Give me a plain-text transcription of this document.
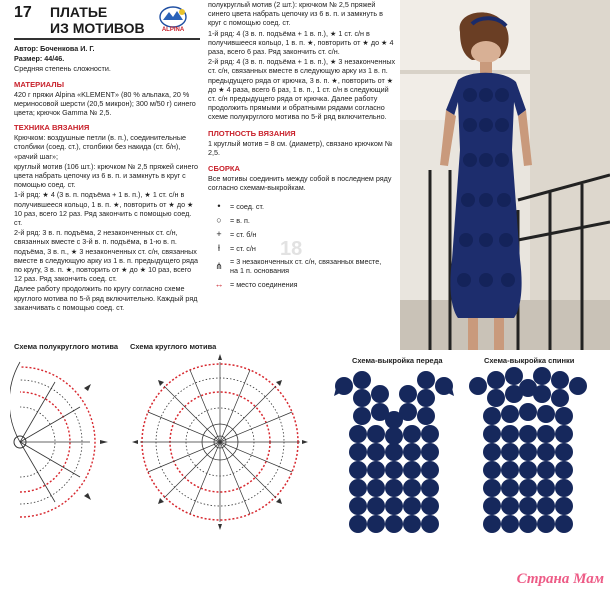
17 ПЛАТЬЕ
ИЗ МОТИВОВ	ALPINA

Автор: Боченкова И. Г.

Размер: 44/46.

Средняя степень сложности.

МАТЕРИАЛЫ

420 г пряжи Alpina «KLEMENT» (80 % альпака, 20 % мериносовой шерсти (20,5 микрон); 300 м/50 г) синего цвета; крючок Gamma № 2,5.

ТЕХНИКА ВЯЗАНИЯ

Крючком: воздушные петли (в. п.), соединительные столбики (соед. ст.), столбики без накида (ст. б/н), «рачий шаг»;

круглый мотив (106 шт.): крючком № 2,5 пряжей синего цвета набрать цепочку из 6 в. п. и замкнуть в круг с помощью соед. ст.

1-й ряд: ★ 4 (3 в. п. подъёма + 1 в. п.), ★ 1 ст. с/н в получившееся кольцо, 1 в. п. ★, повторить от ★ до ★ 10 раз, всего 12 раз. Ряд закончить с помощью соед. ст.

2-й ряд: 3 в. п. подъёма, 2 незаконченных ст. с/н, связанных вместе с 3-й в. п. подъёма, в 1-ю в. п. подъёма, 3 в. п., ★ 3 незаконченных ст. с/н, связанных вместе в следующую арку из 1 в. п. предыдущего ряда по кругу, 3 в. п. ★, повторить от ★ до ★ 10 раз, всего 12 раз. Ряд закончить соед. ст.

Далее работу продолжить по кругу согласно схеме круглого мотива по 5-й ряд включительно. Каждый ряд заканчивать с помощью соед. ст.

полукруглый мотив (2 шт.): крючком № 2,5 пряжей синего цвета набрать цепочку из 6 в. п. и замкнуть в круг с помощью соед. ст.

1-й ряд: 4 (3 в. п. подъёма + 1 в. п.), ★ 1 ст. с/н в получившееся кольцо, 1 в. п. ★, повторить от ★ до ★ 4 раза, всего 6 раз. Ряд закончить ст. с/н.

2-й ряд: 4 (3 в. п. подъёма + 1 в. п.), ★ 3 незаконченных ст. с/н, связанных вместе в следующую арку из 1 в. п. предыдущего ряда от крючка, 3 в. п. ★, повторить от ★ до ★ 4 раза, всего 6 раз, 1 в. п., 1 ст. с/н в следующий ст. с/н предыдущего ряда от крючка. Далее работу продолжить прямыми и обратными рядами согласно схеме полукруглого мотива по 5-й ряд включительно.

ПЛОТНОСТЬ ВЯЗАНИЯ

1 круглый мотив = 8 см. (диаметр), связано крючком № 2,5.

СБОРКА

Все мотивы соединить между собой в последнем ряду согласно схемам-выкройкам.

•	= соед. ст.
○	= в. п.
+	= ст. б/н
ƚ	= ст. с/н
⋔	= 3 незаконченных ст. с/н, связанных вместе, на 1 п. основания
↔ = место соединения
18
Схема полукруглого мотива Схема круглого мотива
Схема-выкройка переда	Схема-выкройка спинки
Страна Мам
